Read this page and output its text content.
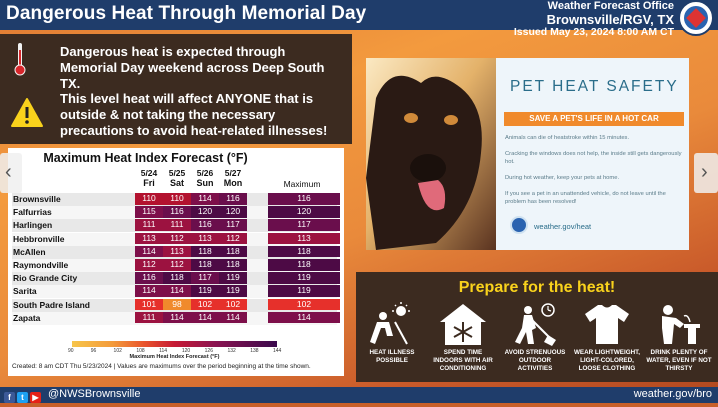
Dangerous Heat Through Memorial Day	Weather Forecast Office
Brownsville/RGV, TX
Issued May 23, 2024 8:00 AM CT
Dangerous heat is expected through Memorial Day weekend across Deep South TX.
This level heat will affect ANYONE that is outside & not taking the necessary precautions to avoid heat-related illnesses!
Maximum Heat Index Forecast (°F)
5/24
Fri
5/25
Sat
5/26
Sun
5/27
Mon	Maximum
Brownsville	110	110	114	116	116
Falfurrias	115	116	120	120	120
Harlingen	111	111	116	117	117
Hebbronville	113	112	113	112	113
McAllen	114	113	118	118	118
Raymondville	112	112	118	118	118
Rio Grande City	116	118	117	119	119
Sarita	114	114	119	119	119
South Padre Island	101	98	102	102	102
Zapata	111	114	114	114	114
90	96	102	108	114	120	126	132	138	144
Maximum Heat Index Forecast (°F)
Created: 8 am CDT Thu 5/23/2024 | Values are maximums over the period beginning at the time shown.
‹	›
PET HEAT SAFETY
SAVE A PET'S LIFE IN A HOT CAR
Animals can die of heatstroke within 15 minutes.
Cracking the windows does not help, the inside still gets dangerously hot.
During hot weather, keep your pets at home.
If you see a pet in an unattended vehicle, do not leave until the problem has been resolved!
weather.gov/heat
Prepare for the heat!
HEAT ILLNESS POSSIBLE
SPEND TIME INDOORS WITH AIR CONDITIONING
AVOID STRENUOUS OUTDOOR ACTIVITIES
WEAR LIGHTWEIGHT, LIGHT-COLORED, LOOSE CLOTHING
DRINK PLENTY OF WATER, EVEN IF NOT THIRSTY
f t ▶ @NWSBrownsville	weather.gov/bro
